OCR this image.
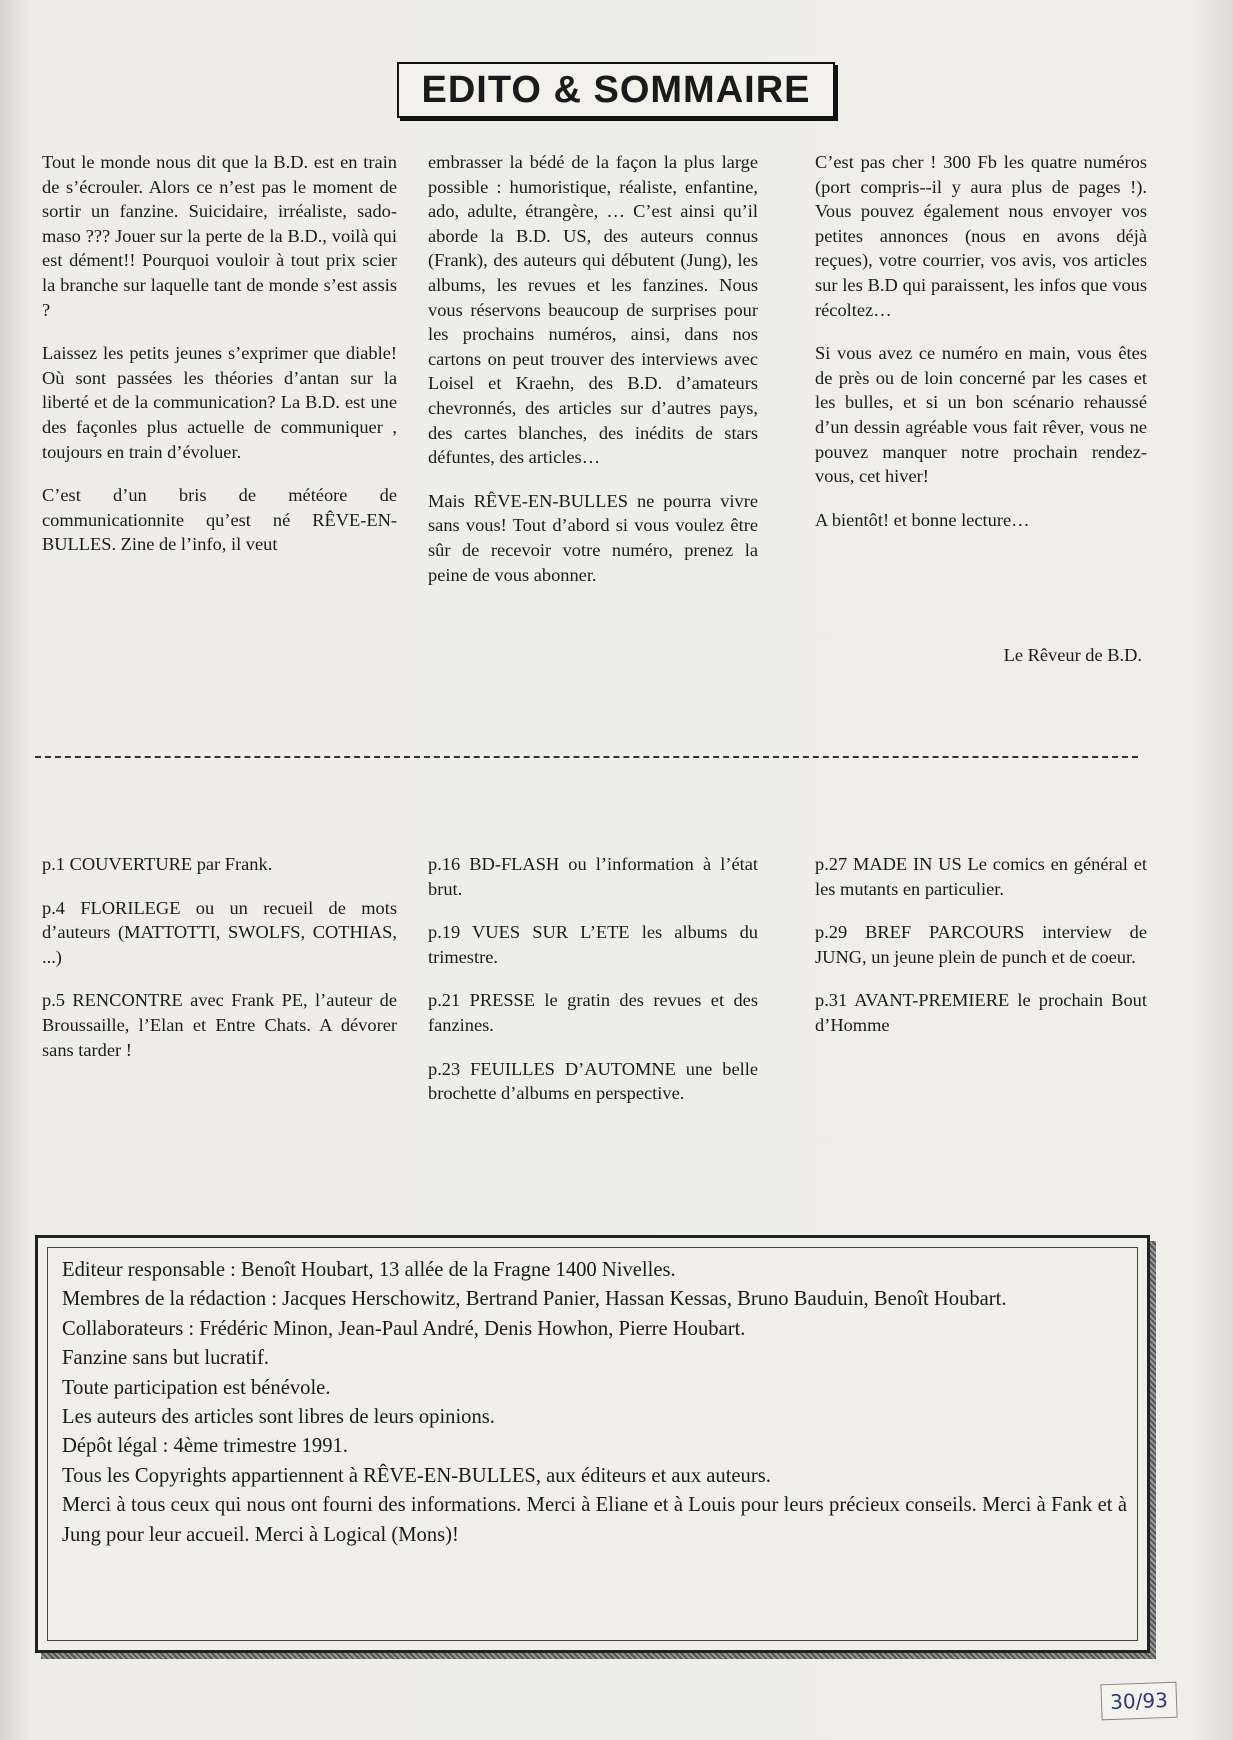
EDITO & SOMMAIRE

Tout le monde nous dit que la B.D. est en train de s’écrouler. Alors ce n’est pas le moment de sortir un fanzine. Suicidaire, irréaliste, sado-maso ??? Jouer sur la perte de la B.D., voilà qui est dément!! Pourquoi vouloir à tout prix scier la branche sur laquelle tant de monde s’est assis ?

Laissez les petits jeunes s’exprimer que diable! Où sont passées les théories d’antan sur la liberté et de la communication? La B.D. est une des façonles plus actuelle de communiquer , toujours en train d’évoluer.

C’est d’un bris de météore de communicationnite qu’est né RÊVE-EN-BULLES. Zine de l’info, il veut

embrasser la bédé de la façon la plus large possible : humoristique, réaliste, enfantine, ado, adulte, étrangère, … C’est ainsi qu’il aborde la B.D. US, des auteurs connus (Frank), des auteurs qui débutent (Jung), les albums, les revues et les fanzines. Nous vous réservons beaucoup de surprises pour les prochains numéros, ainsi, dans nos cartons on peut trouver des interviews avec Loisel et Kraehn, des B.D. d’amateurs chevronnés, des articles sur d’autres pays, des cartes blanches, des inédits de stars défuntes, des articles…

Mais RÊVE-EN-BULLES ne pourra vivre sans vous! Tout d’abord si vous voulez être sûr de recevoir votre numéro, prenez la peine de vous abonner.

C’est pas cher ! 300 Fb les quatre numéros (port compris--il y aura plus de pages !). Vous pouvez également nous envoyer vos petites annonces (nous en avons déjà reçues), votre courrier, vos avis, vos articles sur les B.D qui paraissent, les infos que vous récoltez…

Si vous avez ce numéro en main, vous êtes de près ou de loin concerné par les cases et les bulles, et si un bon scénario rehaussé d’un dessin agréable vous fait rêver, vous ne pouvez manquer notre prochain rendez-vous, cet hiver!

A bientôt! et bonne lecture…

Le Rêveur de B.D.
p.1 COUVERTURE par Frank.
p.4 FLORILEGE ou un recueil de mots d’auteurs (MATTOTTI, SWOLFS, COTHIAS, ...)
p.5 RENCONTRE avec Frank PE, l’auteur de Broussaille, l’Elan et Entre Chats. A dévorer sans tarder !
p.16 BD-FLASH ou l’information à l’état brut.
p.19 VUES SUR L’ETE les albums du trimestre.
p.21 PRESSE le gratin des revues et des fanzines.
p.23 FEUILLES D’AUTOMNE une belle brochette d’albums en perspective.
p.27 MADE IN US Le comics en général et les mutants en particulier.
p.29 BREF PARCOURS interview de JUNG, un jeune plein de punch et de coeur.
p.31 AVANT-PREMIERE le prochain Bout d’Homme
Editeur responsable : Benoît Houbart, 13 allée de la Fragne 1400 Nivelles.
Membres de la rédaction : Jacques Herschowitz, Bertrand Panier, Hassan Kessas, Bruno Bauduin, Benoît Houbart.
Collaborateurs : Frédéric Minon, Jean-Paul André, Denis Howhon, Pierre Houbart.
Fanzine sans but lucratif.
Toute participation est bénévole.
Les auteurs des articles sont libres de leurs opinions.
Dépôt légal : 4ème trimestre 1991.
Tous les Copyrights appartiennent à RÊVE-EN-BULLES, aux éditeurs et aux auteurs.
Merci à tous ceux qui nous ont fourni des informations. Merci à Eliane et à Louis pour leurs précieux conseils. Merci à Fank et à Jung pour leur accueil. Merci à Logical (Mons)!
30/93
